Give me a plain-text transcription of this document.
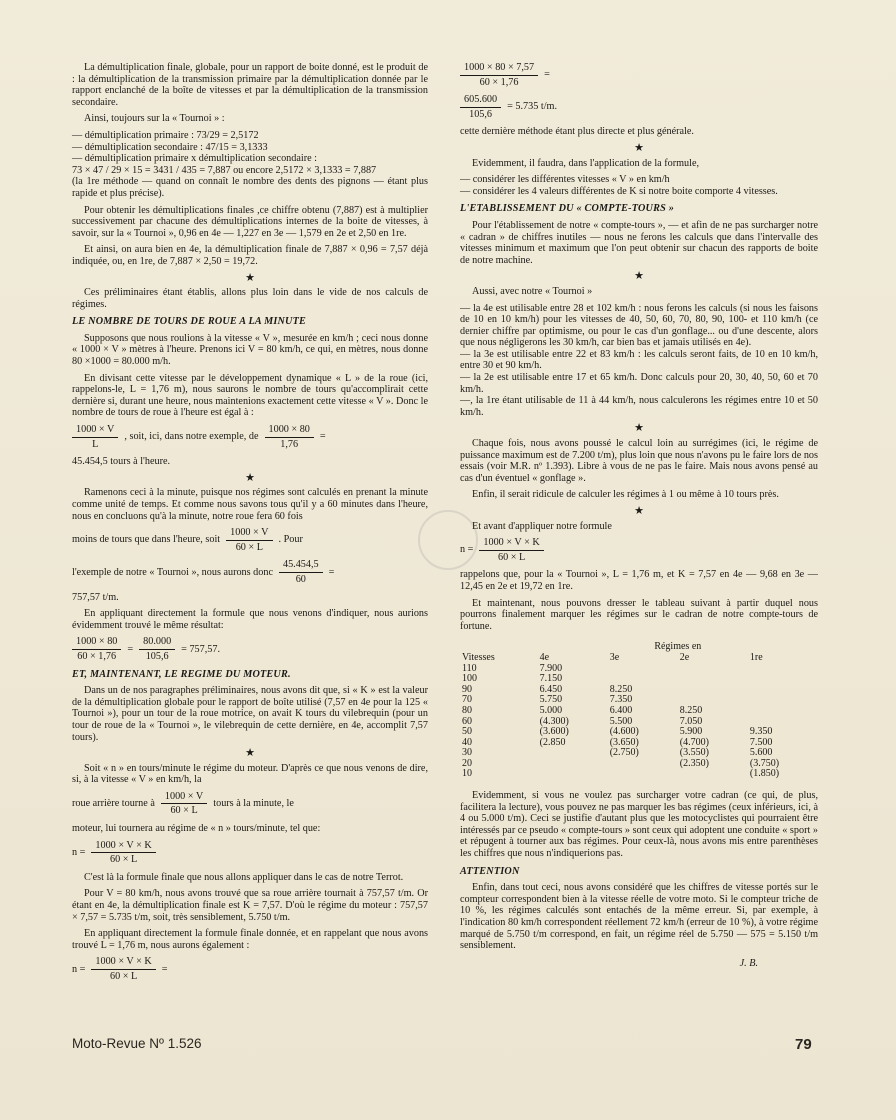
La démultiplication finale, globale, pour un rapport de boite donné, est le produit de : la démultiplication de la transmission primaire par la démultiplication donnée par le rapport enclanché de la boîte de vitesses et par la démultiplication de la transmission secondaire.

Ainsi, toujours sur la « Tournoi » :

— démultiplication primaire : 73/29 = 2,5172
— démultiplication secondaire : 47/15 = 3,1333
— démultiplication primaire x démultiplication secondaire :
73 × 47 / 29 × 15 = 3431 / 435 = 7,887 ou encore 2,5172 × 3,1333 = 7,887
(la 1re méthode — quand on connaît le nombre des dents des pignons — étant plus rapide et plus précise).

Pour obtenir les démultiplications finales ,ce chiffre obtenu (7,887) est à multiplier successivement par chacune des démultiplications internes de la boite de vitesses, à savoir, sur la « Tournoi », 0,96 en 4e — 1,227 en 3e — 1,579 en 2e et 2,50 en 1re.

Et ainsi, on aura bien en 4e, la démultiplication finale de 7,887 × 0,96 = 7,57 déjà indiquée, ou, en 1re, de 7,887 × 2,50 = 19,72.

★

Ces préliminaires étant établis, allons plus loin dans le vide de nos calculs de régimes.

LE NOMBRE DE TOURS DE ROUE A LA MINUTE

Supposons que nous roulions à la vitesse « V », mesurée en km/h ; ceci nous donne « 1000 × V » mètres à l'heure. Prenons ici V = 80 km/h, ce qui, en mètres, nous donne 80 ×1000 = 80.000 m/h.

En divisant cette vitesse par le développement dynamique « L » de la roue (ici, rappelons-le, L = 1,76 m), nous saurons le nombre de tours qu'accomplirait cette dernière si, durant une heure, nous maintenions exactement cette vitesse « V ». Donc le nombre de tours de roue à l'heure est égal à :

$\frac{1000 \times V}{L}$ , soit, ici, dans notre exemple, de $\frac{1000 \times 80}{1,76}$ =

45.454,5 tours à l'heure.

★

Ramenons ceci à la minute, puisque nos régimes sont calculés en prenant la minute comme unité de temps. Et comme nous savons tous qu'il y a 60 minutes dans l'heure, nous en concluons qu'à la minute, notre roue fera 60 fois

moins de tours que dans l'heure, soit $\frac{1000 \times V}{60 \times L}$ . Pour
l'exemple de notre « Tournoi », nous aurons donc $\frac{45.454,5}{60}$ =

757,57 t/m.

En appliquant directement la formule que nous venons d'indiquer, nous aurions évidemment trouvé le même résultat:

$\frac{1000 \times 80}{60 \times 1,76} = \frac{80.000}{105,6} = 757,57$.
ET, MAINTENANT, LE REGIME DU MOTEUR.

Dans un de nos paragraphes préliminaires, nous avons dit que, si « K » est la valeur de la démultiplication globale pour le rapport de boîte utilisé (7,57 en 4e pour la 125 « Tournoi »), pour un tour de la roue motrice, on avait K tours du vilebrequin (pour un tour de roue de la « Tournoi », le vilebrequin de cette dernière, en 4e, accomplit 7,57 tours).

★

Soit « n » en tours/minute le régime du moteur. D'après ce que nous venons de dire, si, à la vitesse « V » en km/h, la

roue arrière tourne à $\frac{1000 \times V}{60 \times L}$ tours à la minute, le

moteur, lui tournera au régime de « n » tours/minute, tel que:

$n = \frac{1000 \times V \times K}{60 \times L}$

C'est là la formule finale que nous allons appliquer dans le cas de notre Terrot.

Pour V = 80 km/h, nous avons trouvé que sa roue arrière tournait à 757,57 t/m. Or étant en 4e, la démultiplication finale est K = 7,57. D'où le régime du moteur : 757,57 × 7,57 = 5.735 t/m, soit, très sensiblement, 5.750 t/m.

En appliquant directement la formule finale donnée, et en rappelant que nous avons trouvé L = 1,76 m, nous aurons également :

$n = \frac{1000 \times V \times K}{60 \times L}$ =
$\frac{1000 \times 80 \times 7,57}{60 \times 1,76}$ =
$\frac{605.600}{105,6} = 5.735$ t/m.

cette dernière méthode étant plus directe et plus générale.

★

Evidemment, il faudra, dans l'application de la formule,

— considérer les différentes vitesses « V » en km/h
— considérer les 4 valeurs différentes de K si notre boite comporte 4 vitesses.
L'ETABLISSEMENT DU « COMPTE-TOURS »

Pour l'établissement de notre « compte-tours », — et afin de ne pas surcharger notre « cadran » de chiffres inutiles — nous ne ferons les calculs que dans l'intervalle des vitesses minimum et maximum que l'on peut obtenir sur chacun des rapports de boite de notre machine.

★

Aussi, avec notre « Tournoi »

— la 4e est utilisable entre 28 et 102 km/h : nous ferons les calculs (si nous les faisons de 10 en 10 km/h) pour les vitesses de 40, 50, 60, 70, 80, 90, 100- et 110 km/h (ce dernier chiffre par optimisme, ou pour le cas d'un gonflage... ou d'une descente, alors que nous négligerons les 30 km/h, car bien bas et jamais utilisés en 4e).
— la 3e est utilisable entre 22 et 83 km/h : les calculs seront faits, de 10 en 10 km/h, entre 30 et 90 km/h.
— la 2e est utilisable entre 17 et 65 km/h. Donc calculs pour 20, 30, 40, 50, 60 et 70 km/h.
—, la 1re étant utilisable de 11 à 44 km/h, nous calculerons les régimes entre 10 et 50 km/h.
★

Chaque fois, nous avons poussé le calcul loin au surrégimes (ici, le régime de puissance maximum est de 7.200 t/m), plus loin que nous n'avons pu le faire lors de nos essais (voir M.R. nº 1.393). Libre à vous de ne pas le faire. Mais nous avons pensé au cas d'un éventuel « gonflage ».

Enfin, il serait ridicule de calculer les régimes à 1 ou même à 10 tours près.

★

Et avant d'appliquer notre formule

$n = \frac{1000 \times V \times K}{60 \times L}$

rappelons que, pour la « Tournoi », L = 1,76 m, et K = 7,57 en 4e — 9,68 en 3e — 12,45 en 2e et 19,72 en 1re.

Et maintenant, nous pouvons dresser le tableau suivant à partir duquel nous pourrons finalement marquer les régimes sur le cadran de notre compte-tours de fortune.

		Régimes en		
Vitesses	4e	3e	2e	1re
110	7.900			
100	7.150			
90	6.450	8.250		
70	5.750	7.350		
80	5.000	6.400	8.250	
60	(4.300)	5.500	7.050	
50	(3.600)	(4.600)	5.900	9.350
40	(2.850	(3.650)	(4.700)	7.500
30		(2.750)	(3.550)	5.600
20			(2.350)	(3.750)
10				(1.850)

Evidemment, si vous ne voulez pas surcharger votre cadran (ce qui, de plus, facilitera la lecture), vous pouvez ne pas marquer les bas régimes (ceux inférieurs, ici, à 4 ou 5.000 t/m). Ceci se justifie d'autant plus que les motocyclistes qui pourraient être intéressés par ce pseudo « compte-tours » sont ceux qui adoptent une conduite « sport » et répugent à tourner aux bas régimes. Pour ceux-là, nous avons mis entre parenthèses les chiffres que nous n'indiquerions pas.

ATTENTION

Enfin, dans tout ceci, nous avons considéré que les chiffres de vitesse portés sur le compteur correspondent bien à la vitesse réelle de votre moto. Si le compteur triche de 10 %, les régimes calculés sont entachés de la même erreur. Si, par exemple, à l'indication 80 km/h correspondent réellement 72 km/h (erreur de 10 %), à votre régime marqué de 5.750 t/m correspond, en fait, un régime réel de 5.750 — 575 = 5.150 t/m sensiblement.

J. B.
Moto-Revue Nº 1.526	79
